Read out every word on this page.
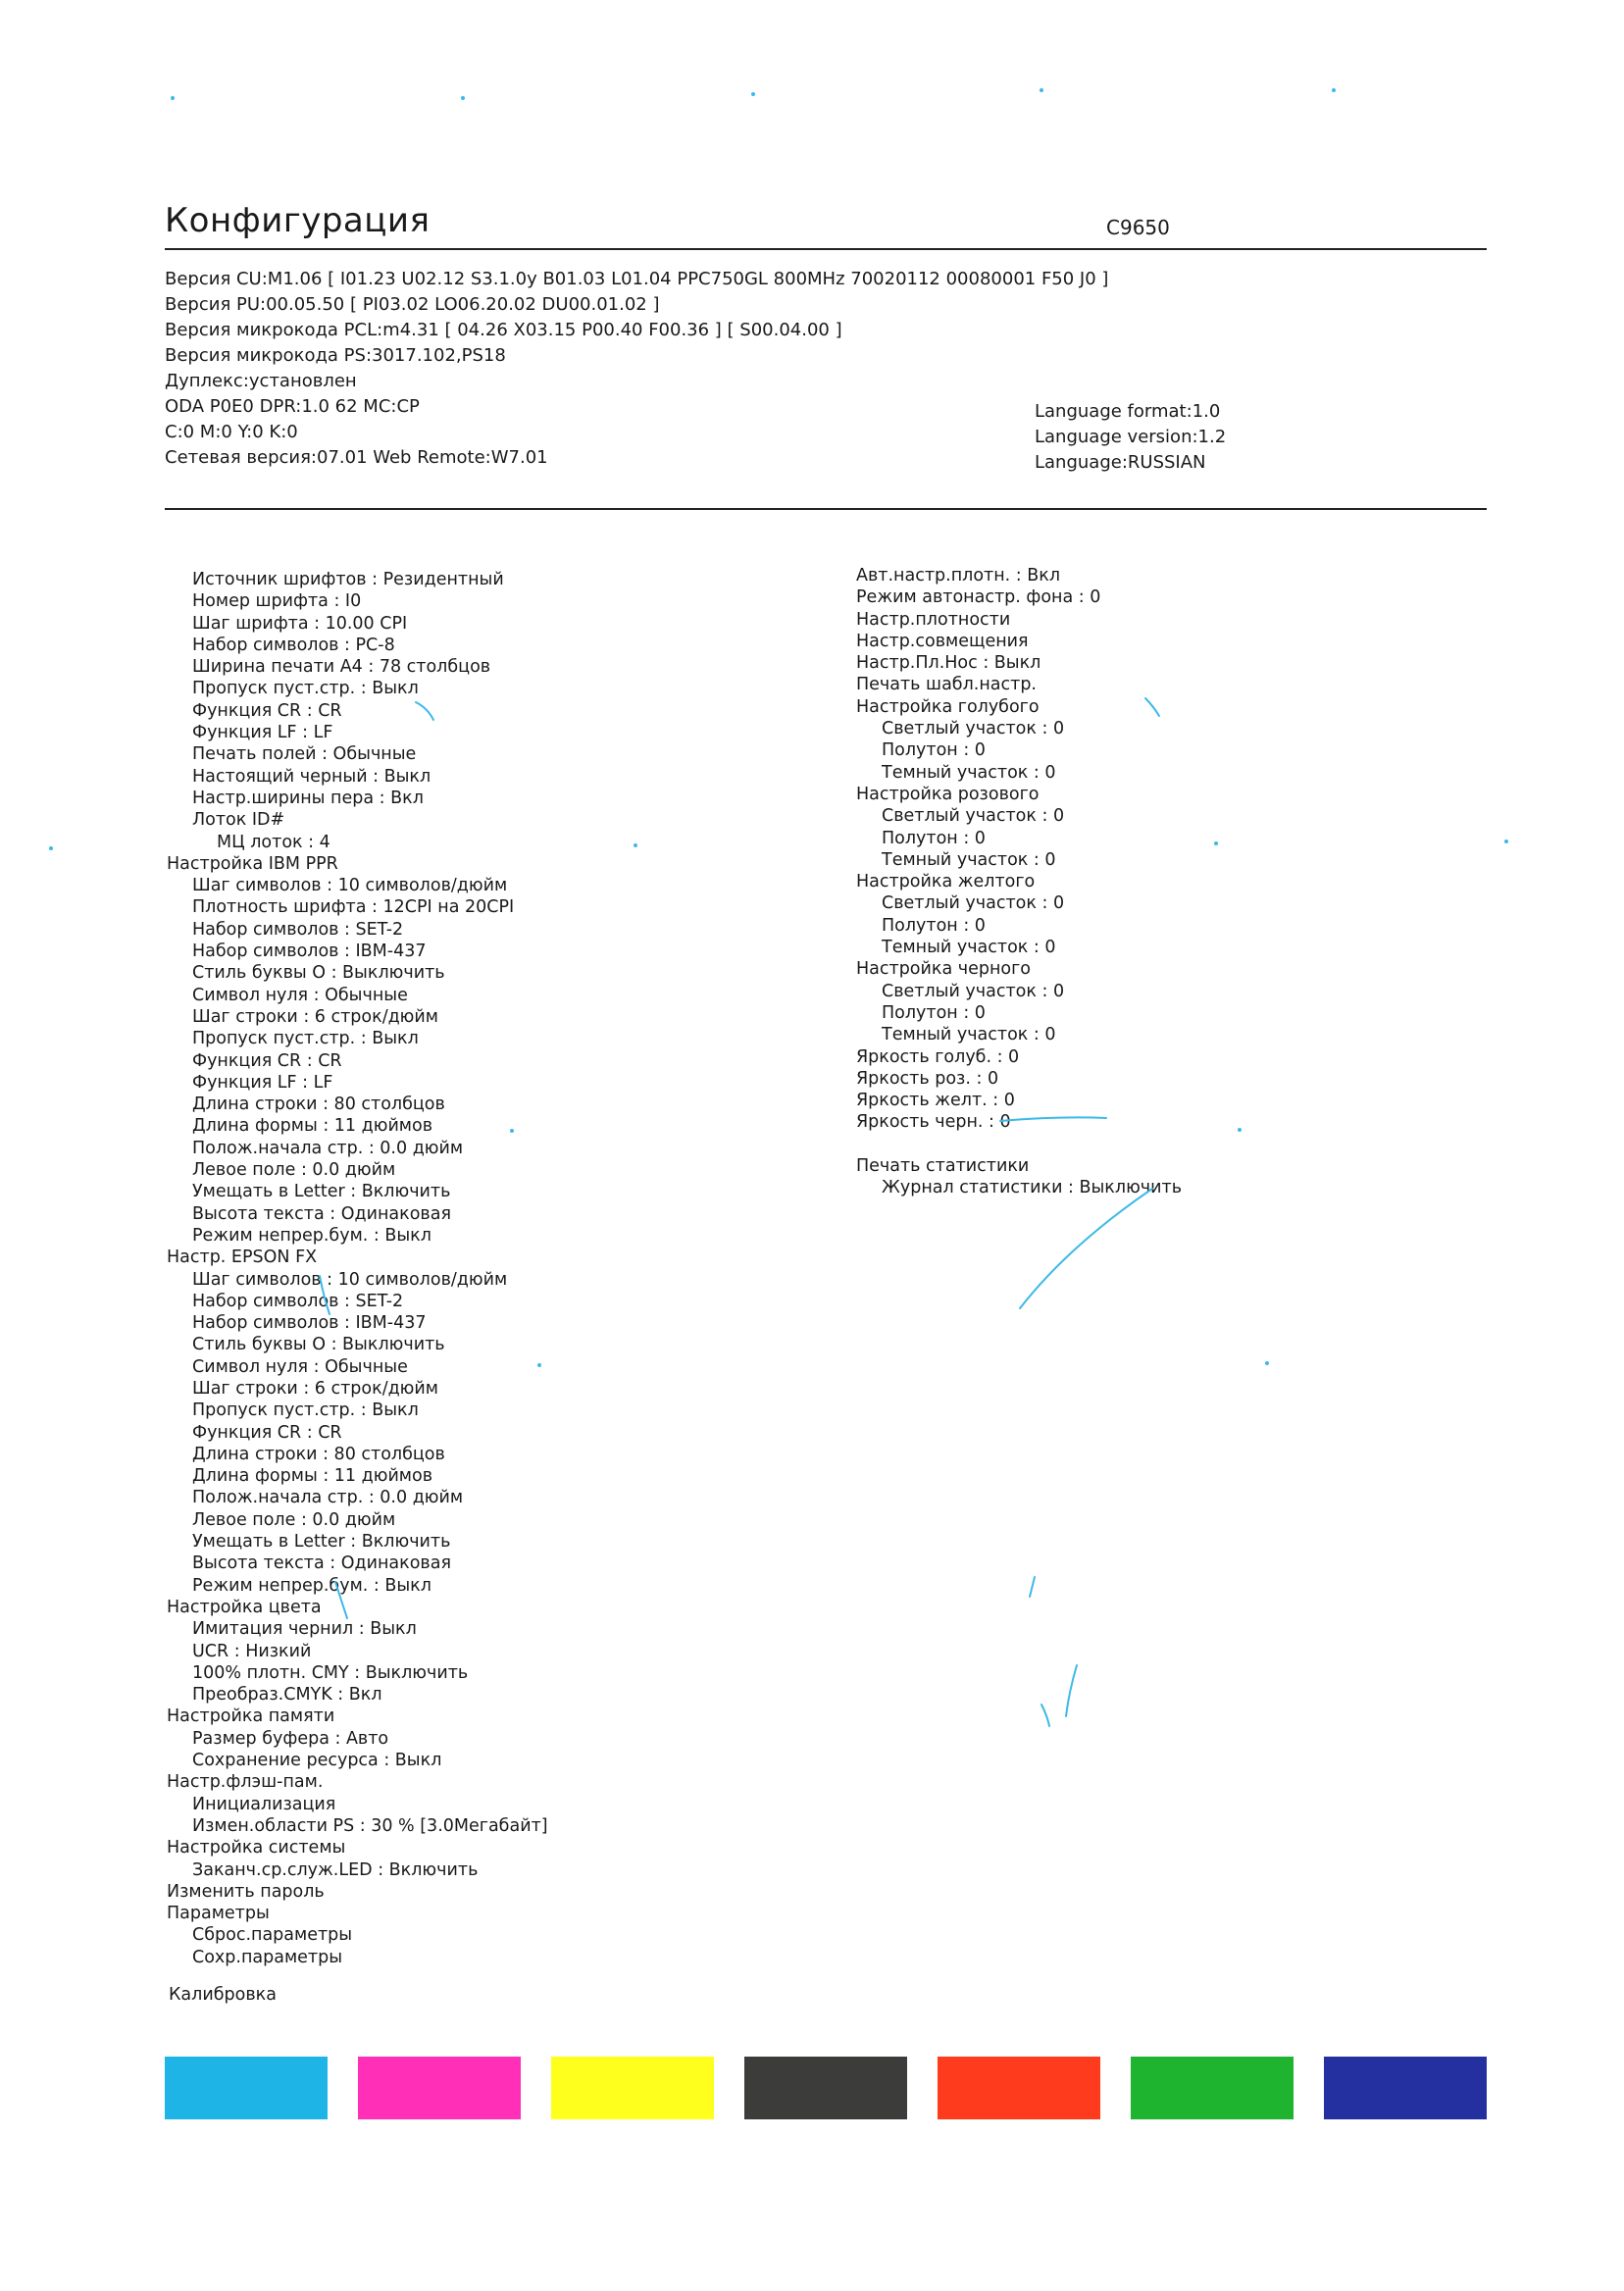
Конфигурация	C9650
Версия CU:M1.06 [ I01.23 U02.12 S3.1.0y B01.03 L01.04 PPC750GL 800MHz 70020112 00080001 F50 J0 ]
Версия PU:00.05.50 [ PI03.02 LO06.20.02 DU00.01.02 ]
Версия микрокода PCL:m4.31 [ 04.26 X03.15 P00.40 F00.36 ] [ S00.04.00 ]
Версия микрокода PS:3017.102,PS18
Дуплекс:установлен
ODA P0E0 DPR:1.0 62 MC:CP
C:0 M:0 Y:0 K:0
Сетевая версия:07.01 Web Remote:W7.01
Language format:1.0
Language version:1.2
Language:RUSSIAN
Источник шрифтов : Резидентный
Номер шрифта : I0
Шаг шрифта : 10.00 CPI
Набор символов : PC-8
Ширина печати A4 : 78 столбцов
Пропуск пуст.стр. : Выкл
Функция CR : CR
Функция LF : LF
Печать полей : Обычные
Настоящий черный : Выкл
Настр.ширины пера : Вкл
Лоток ID#
МЦ лоток : 4
Настройка IBM PPR
Шаг символов : 10 символов/дюйм
Плотность шрифта : 12CPI на 20CPI
Набор символов : SET-2
Набор символов : IBM-437
Стиль буквы O : Выключить
Символ нуля : Обычные
Шаг строки : 6 строк/дюйм
Пропуск пуст.стр. : Выкл
Функция CR : CR
Функция LF : LF
Длина строки : 80 столбцов
Длина формы : 11 дюймов
Полож.начала стр. : 0.0 дюйм
Левое поле : 0.0 дюйм
Умещать в Letter : Включить
Высота текста : Одинаковая
Режим непрер.бум. : Выкл
Настр. EPSON FX
Шаг символов : 10 символов/дюйм
Набор символов : SET-2
Набор символов : IBM-437
Стиль буквы O : Выключить
Символ нуля : Обычные
Шаг строки : 6 строк/дюйм
Пропуск пуст.стр. : Выкл
Функция CR : CR
Длина строки : 80 столбцов
Длина формы : 11 дюймов
Полож.начала стр. : 0.0 дюйм
Левое поле : 0.0 дюйм
Умещать в Letter : Включить
Высота текста : Одинаковая
Режим непрер.бум. : Выкл
Настройка цвета
Имитация чернил : Выкл
UCR : Низкий
100% плотн. CMY : Выключить
Преобраз.CMYK : Вкл
Настройка памяти
Размер буфера : Авто
Сохранение ресурса : Выкл
Настр.флэш-пам.
Инициализация
Измен.области PS : 30 % [3.0Мегабайт]
Настройка системы
Заканч.ср.служ.LED : Включить
Изменить пароль
Параметры
Сброс.параметры
Сохр.параметры
Авт.настр.плотн. : Вкл
Режим автонастр. фона : 0
Настр.плотности
Настр.совмещения
Настр.Пл.Нос : Выкл
Печать шабл.настр.
Настройка голубого
Светлый участок : 0
Полутон : 0
Темный участок : 0
Настройка розового
Светлый участок : 0
Полутон : 0
Темный участок : 0
Настройка желтого
Светлый участок : 0
Полутон : 0
Темный участок : 0
Настройка черного
Светлый участок : 0
Полутон : 0
Темный участок : 0
Яркость голуб. : 0
Яркость роз. : 0
Яркость желт. : 0
Яркость черн. : 0
Печать статистики
Журнал статистики : Выключить
Калибровка
